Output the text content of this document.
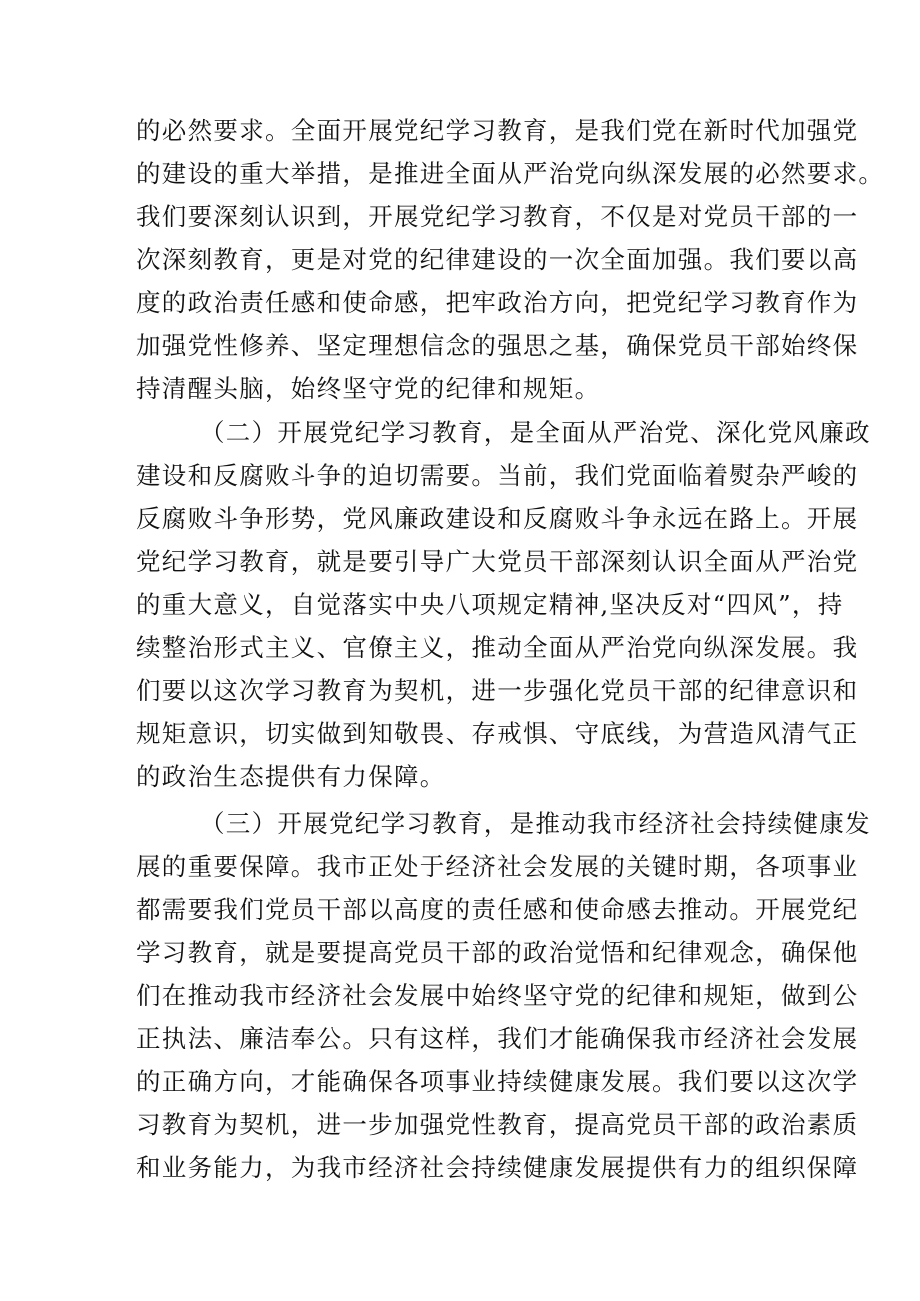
的必然要求。全面开展党纪学习教育，是我们党在新时代加强党
的建设的重大举措，是推进全面从严治党向纵深发展的必然要求。
我们要深刻认识到，开展党纪学习教育，不仅是对党员干部的一
次深刻教育，更是对党的纪律建设的一次全面加强。我们要以高
度的政治责任感和使命感，把牢政治方向，把党纪学习教育作为
加强党性修养、坚定理想信念的强思之基，确保党员干部始终保
持清醒头脑，始终坚守党的纪律和规矩。
（二）开展党纪学习教育，是全面从严治党、深化党风廉政
建设和反腐败斗争的迫切需要。当前，我们党面临着熨杂严峻的
反腐败斗争形势，党风廉政建设和反腐败斗争永远在路上。开展
党纪学习教育，就是要引导广大党员干部深刻认识全面从严治党
的重大意义，自觉落实中央八项规定精神,坚决反对“四风”，持
续整治形式主义、官僚主义，推动全面从严治党向纵深发展。我
们要以这次学习教育为契机，进一步强化党员干部的纪律意识和
规矩意识，切实做到知敬畏、存戒惧、守底线，为营造风清气正
的政治生态提供有力保障。
（三）开展党纪学习教育，是推动我市经济社会持续健康发
展的重要保障。我市正处于经济社会发展的关键时期，各项事业
都需要我们党员干部以高度的责任感和使命感去推动。开展党纪
学习教育，就是要提高党员干部的政治觉悟和纪律观念，确保他
们在推动我市经济社会发展中始终坚守党的纪律和规矩，做到公
正执法、廉洁奉公。只有这样，我们才能确保我市经济社会发展
的正确方向，才能确保各项事业持续健康发展。我们要以这次学
习教育为契机，进一步加强党性教育，提高党员干部的政治素质
和业务能力，为我市经济社会持续健康发展提供有力的组织保障
